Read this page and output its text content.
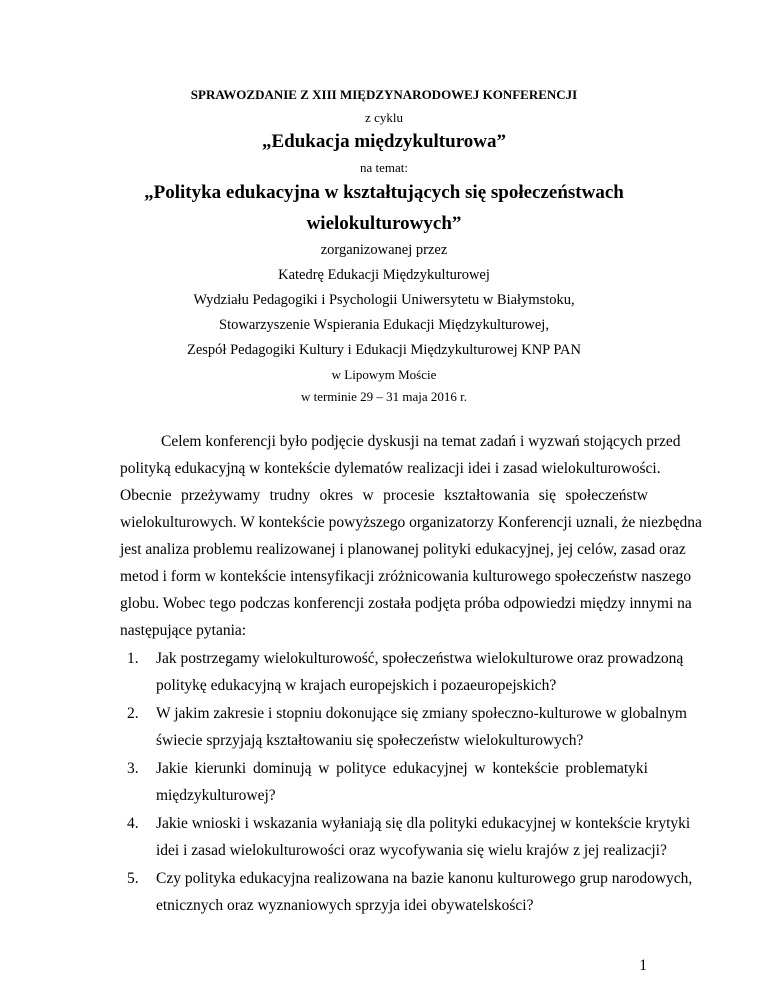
SPRAWOZDANIE Z XIII MIĘDZYNARODOWEJ KONFERENCJI
z cyklu
„Edukacja międzykulturowa”
na temat:
„Polityka edukacyjna w kształtujących się społeczeństwach
wielokulturowych”
zorganizowanej przez
Katedrę Edukacji Międzykulturowej
Wydziału Pedagogiki i Psychologii Uniwersytetu w Białymstoku,
Stowarzyszenie Wspierania Edukacji Międzykulturowej,
Zespół Pedagogiki Kultury i Edukacji Międzykulturowej KNP PAN
w Lipowym Moście
w terminie 29 – 31 maja 2016 r.
Celem konferencji było podjęcie dyskusji na temat zadań i wyzwań stojących przed
polityką edukacyjną w kontekście dylematów realizacji idei i zasad wielokulturowości.
Obecnie przeżywamy trudny okres w procesie kształtowania się społeczeństw
wielokulturowych. W kontekście powyższego organizatorzy Konferencji uznali, że niezbędna
jest analiza problemu realizowanej i planowanej polityki edukacyjnej, jej celów, zasad oraz
metod i form w kontekście intensyfikacji zróżnicowania kulturowego społeczeństw naszego
globu. Wobec tego podczas konferencji została podjęta próba odpowiedzi między innymi na
następujące pytania:
1.	Jak postrzegamy wielokulturowość, społeczeństwa wielokulturowe oraz prowadzoną
politykę edukacyjną w krajach europejskich i pozaeuropejskich?
2.	W jakim zakresie i stopniu dokonujące się zmiany społeczno-kulturowe w globalnym
świecie sprzyjają kształtowaniu się społeczeństw wielokulturowych?
3.	Jakie kierunki dominują w polityce edukacyjnej w kontekście problematyki
międzykulturowej?
4.	Jakie wnioski i wskazania wyłaniają się dla polityki edukacyjnej w kontekście krytyki
idei i zasad wielokulturowości oraz wycofywania się wielu krajów z jej realizacji?
5.	Czy polityka edukacyjna realizowana na bazie kanonu kulturowego grup narodowych,
etnicznych oraz wyznaniowych sprzyja idei obywatelskości?
1
